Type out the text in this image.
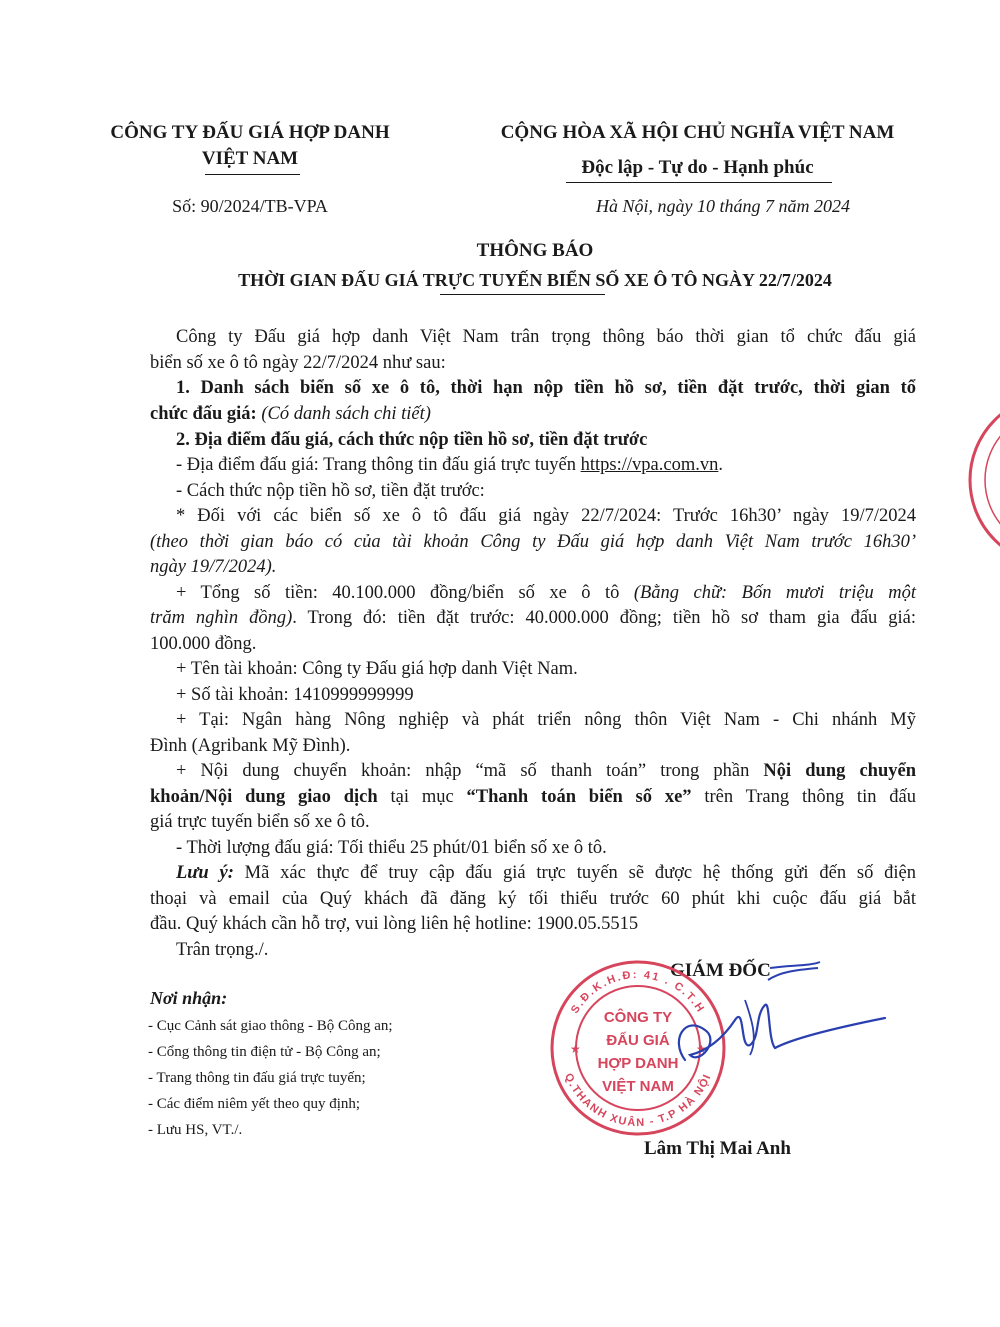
CÔNG TY ĐẤU GIÁ HỢP DANH
VIỆT NAM
Số: 90/2024/TB-VPA
CỘNG HÒA XÃ HỘI CHỦ NGHĨA VIỆT NAM
Độc lập - Tự do - Hạnh phúc
Hà Nội, ngày 10 tháng 7 năm 2024
THÔNG BÁO
THỜI GIAN ĐẤU GIÁ TRỰC TUYẾN BIỂN SỐ XE Ô TÔ NGÀY 22/7/2024
Công ty Đấu giá hợp danh Việt Nam trân trọng thông báo thời gian tổ chức đấu giá
biển số xe ô tô ngày 22/7/2024 như sau:
1. Danh sách biển số xe ô tô, thời hạn nộp tiền hồ sơ, tiền đặt trước, thời gian tổ
chức đấu giá: (Có danh sách chi tiết)
2. Địa điểm đấu giá, cách thức nộp tiền hồ sơ, tiền đặt trước
- Địa điểm đấu giá: Trang thông tin đấu giá trực tuyến https://vpa.com.vn.
- Cách thức nộp tiền hồ sơ, tiền đặt trước:
* Đối với các biển số xe ô tô đấu giá ngày 22/7/2024: Trước 16h30’ ngày 19/7/2024
(theo thời gian báo có của tài khoản Công ty Đấu giá hợp danh Việt Nam trước 16h30’
ngày 19/7/2024).
+ Tổng số tiền: 40.100.000 đồng/biển số xe ô tô (Bằng chữ: Bốn mươi triệu một
trăm nghìn đồng). Trong đó: tiền đặt trước: 40.000.000 đồng; tiền hồ sơ tham gia đấu giá:
100.000 đồng.
+ Tên tài khoản: Công ty Đấu giá hợp danh Việt Nam.
+ Số tài khoản: 1410999999999
+ Tại: Ngân hàng Nông nghiệp và phát triển nông thôn Việt Nam - Chi nhánh Mỹ
Đình (Agribank Mỹ Đình).
+ Nội dung chuyển khoản: nhập “mã số thanh toán” trong phần Nội dung chuyển
khoản/Nội dung giao dịch tại mục “Thanh toán biển số xe” trên Trang thông tin đấu
giá trực tuyến biển số xe ô tô.
- Thời lượng đấu giá: Tối thiểu 25 phút/01 biển số xe ô tô.
Lưu ý: Mã xác thực để truy cập đấu giá trực tuyến sẽ được hệ thống gửi đến số điện
thoại và email của Quý khách đã đăng ký tối thiểu trước 60 phút khi cuộc đấu giá bắt
đầu. Quý khách cần hỗ trợ, vui lòng liên hệ hotline: 1900.05.5515
Trân trọng./.
Nơi nhận:
- Cục Cảnh sát giao thông - Bộ Công an;
- Cổng thông tin điện tử - Bộ Công an;
- Trang thông tin đấu giá trực tuyến;
- Các điểm niêm yết theo quy định;
- Lưu HS, VT./.
GIÁM ĐỐC
S.Đ.K.H.Đ: 41 . C.T.H
Q.THANH XUÂN - T.P HÀ NỘI
CÔNG TY
ĐẤU GIÁ
HỢP DANH
VIỆT NAM
★	★
Lâm Thị Mai Anh
